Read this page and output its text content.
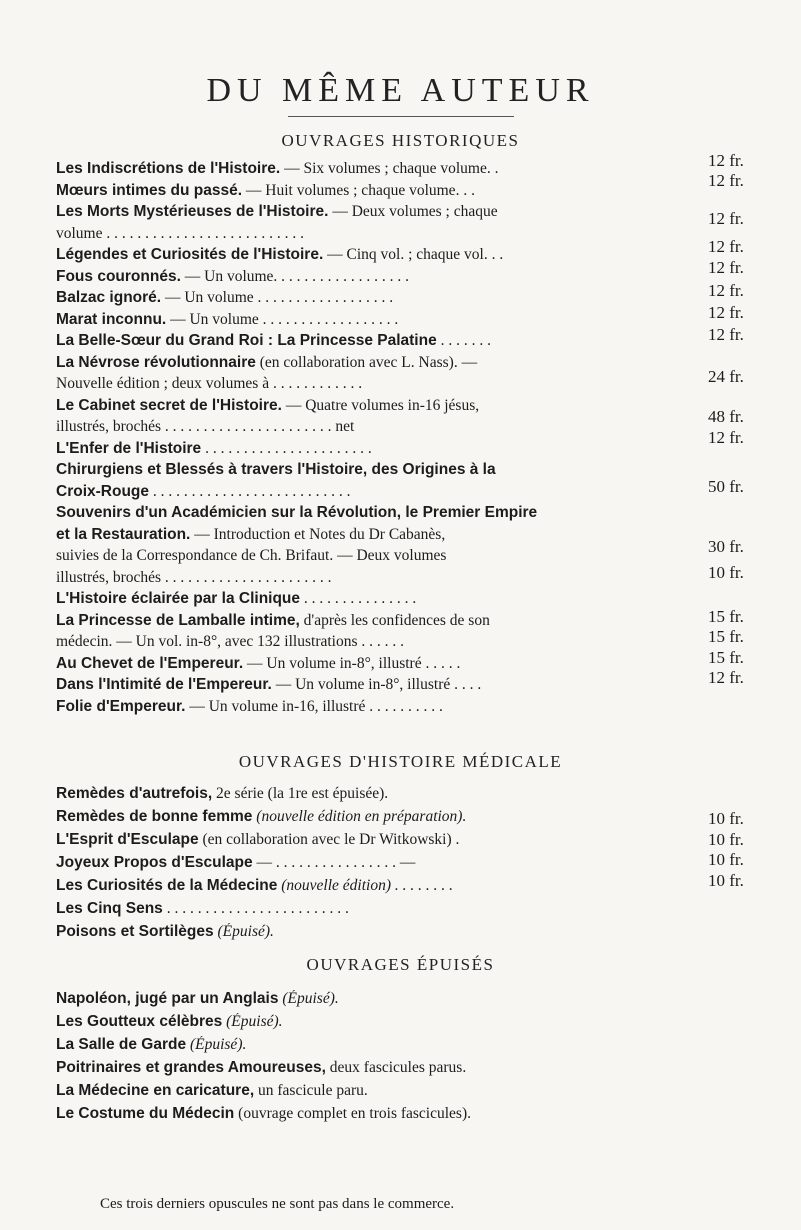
DU MÊME AUTEUR
OUVRAGES HISTORIQUES
Les Indiscrétions de l'Histoire. — Six volumes ; chaque volume. .
Mœurs intimes du passé. — Huit volumes ; chaque volume. . .
Les Morts Mystérieuses de l'Histoire. — Deux volumes ; chaque
volume . . . . . . . . . . . . . . . . . . . . . . . . . .
Légendes et Curiosités de l'Histoire. — Cinq vol. ; chaque vol. . .
Fous couronnés. — Un volume. . . . . . . . . . . . . . . . . .
Balzac ignoré. — Un volume . . . . . . . . . . . . . . . . . .
Marat inconnu. — Un volume . . . . . . . . . . . . . . . . . .
La Belle-Sœur du Grand Roi : La Princesse Palatine . . . . . . .
La Névrose révolutionnaire (en collaboration avec L. Nass). —
Nouvelle édition ; deux volumes à . . . . . . . . . . . .
Le Cabinet secret de l'Histoire. — Quatre volumes in-16 jésus,
illustrés, brochés . . . . . . . . . . . . . . . . . . . . . . net
L'Enfer de l'Histoire . . . . . . . . . . . . . . . . . . . . . .
Chirurgiens et Blessés à travers l'Histoire, des Origines à la
Croix-Rouge . . . . . . . . . . . . . . . . . . . . . . . . . .
Souvenirs d'un Académicien sur la Révolution, le Premier Empire
et la Restauration. — Introduction et Notes du Dr Cabanès,
suivies de la Correspondance de Ch. Brifaut. — Deux volumes
illustrés, brochés . . . . . . . . . . . . . . . . . . . . . .
L'Histoire éclairée par la Clinique . . . . . . . . . . . . . . .
La Princesse de Lamballe intime, d'après les confidences de son
médecin. — Un vol. in-8°, avec 132 illustrations . . . . . .
Au Chevet de l'Empereur. — Un volume in-8°, illustré . . . . .
Dans l'Intimité de l'Empereur. — Un volume in-8°, illustré . . . .
Folie d'Empereur. — Un volume in-16, illustré . . . . . . . . . .
12 fr.
12 fr.
12 fr.
12 fr.
12 fr.
12 fr.
12 fr.
12 fr.
24 fr.
48 fr.
12 fr.
50 fr.
30 fr.
10 fr.
15 fr.
15 fr.
15 fr.
12 fr.
OUVRAGES D'HISTOIRE MÉDICALE
Remèdes d'autrefois, 2e série (la 1re est épuisée).
Remèdes de bonne femme (nouvelle édition en préparation).
L'Esprit d'Esculape (en collaboration avec le Dr Witkowski) .
Joyeux Propos d'Esculape — . . . . . . . . . . . . . . . . —
Les Curiosités de la Médecine (nouvelle édition) . . . . . . . .
Les Cinq Sens . . . . . . . . . . . . . . . . . . . . . . . .
Poisons et Sortilèges (Épuisé).
10 fr.
10 fr.
10 fr.
10 fr.
OUVRAGES ÉPUISÉS
Napoléon, jugé par un Anglais (Épuisé).
Les Goutteux célèbres (Épuisé).
La Salle de Garde (Épuisé).
Poitrinaires et grandes Amoureuses, deux fascicules parus.
La Médecine en caricature, un fascicule paru.
Le Costume du Médecin (ouvrage complet en trois fascicules).
Ces trois derniers opuscules ne sont pas dans le commerce.
